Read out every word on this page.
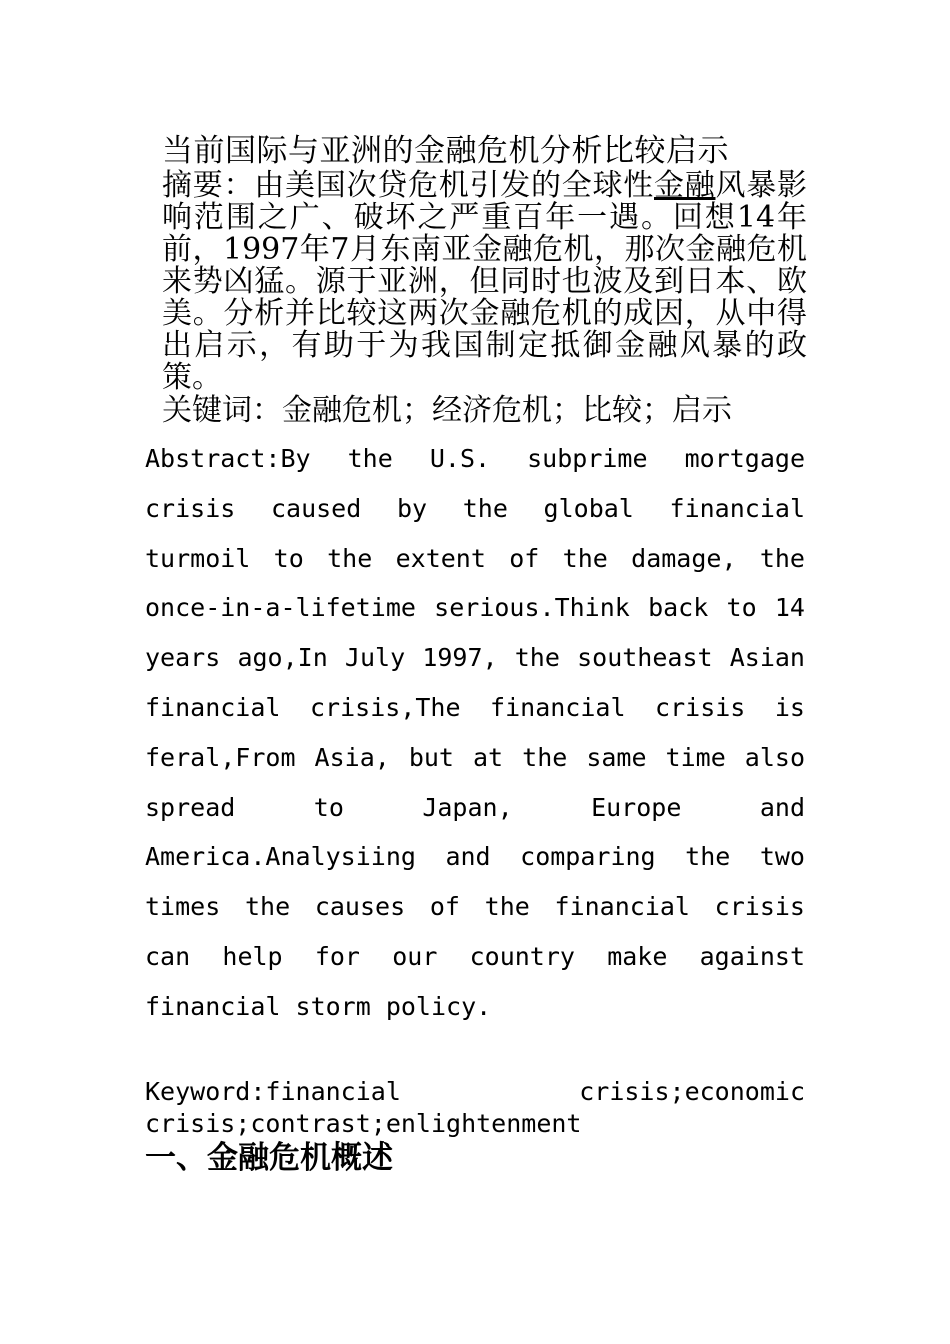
当前国际与亚洲的金融危机分析比较启示
摘要：由美国次贷危机引发的全球性金融风暴影响范围之广、破坏之严重百年一遇。回想14年前，1997年7月东南亚金融危机，那次金融危机来势凶猛。源于亚洲，但同时也波及到日本、欧美。分析并比较这两次金融危机的成因，从中得出启示，有助于为我国制定抵御金融风暴的政策。
关键词：金融危机；经济危机；比较；启示
Abstract:By the U.S. subprime mortgage crisis caused by the global financial turmoil to the extent of the damage, the once-in-a-lifetime serious.Think back to 14 years ago,In July 1997, the southeast Asian financial crisis,The financial crisis is feral,From Asia, but at the same time also spread to Japan, Europe and America.Analysiing and comparing the two times the causes of the financial crisis can help for our country make against financial storm policy.
Keyword:financial crisis;economic crisis;contrast;enlightenment
一、金融危机概述
